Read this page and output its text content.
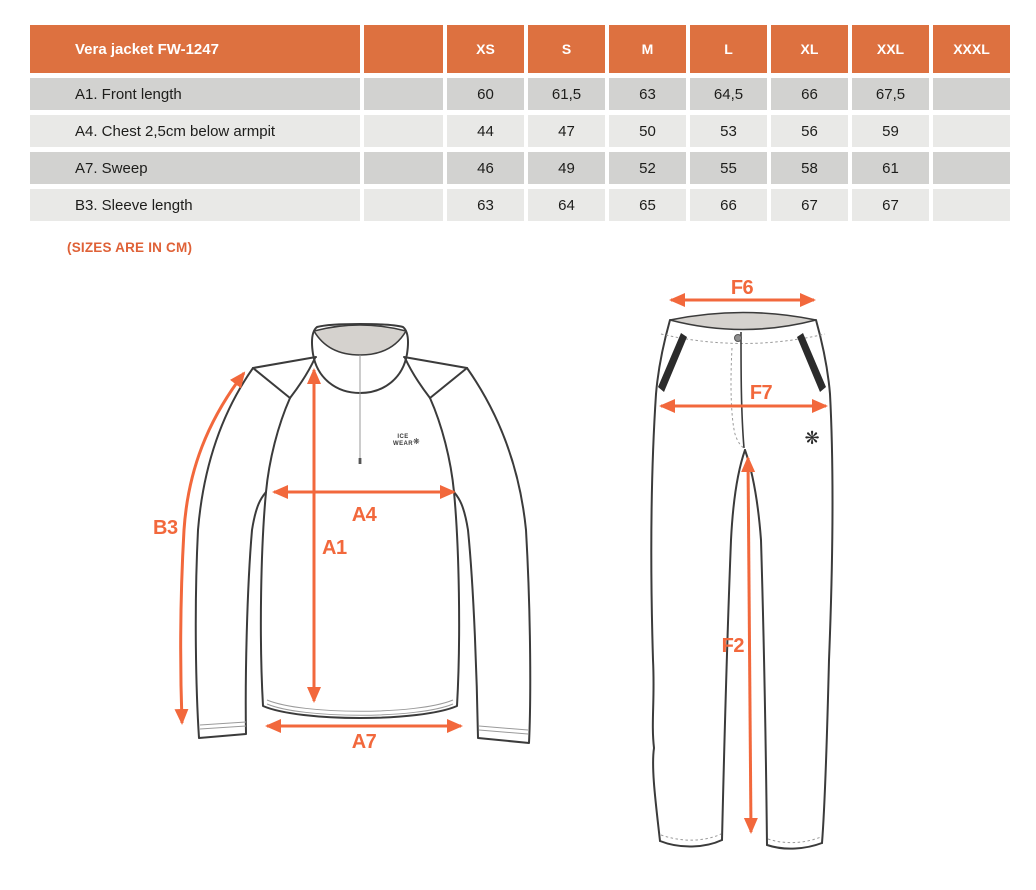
Vera jacket FW-1247	XS	S	M	L	XL	XXL	XXXL
A1. Front length	60	61,5	63	64,5	66	67,5
A4. Chest 2,5cm below armpit	44	47	50	53	56	59
A7. Sweep	46	49	52	55	58	61
B3. Sleeve length	63	64	65	66	67	67
(SIZES ARE IN CM)
ICE
WEAR ❋
A1
A4
A7
B3
❋
F6
F7
F2
